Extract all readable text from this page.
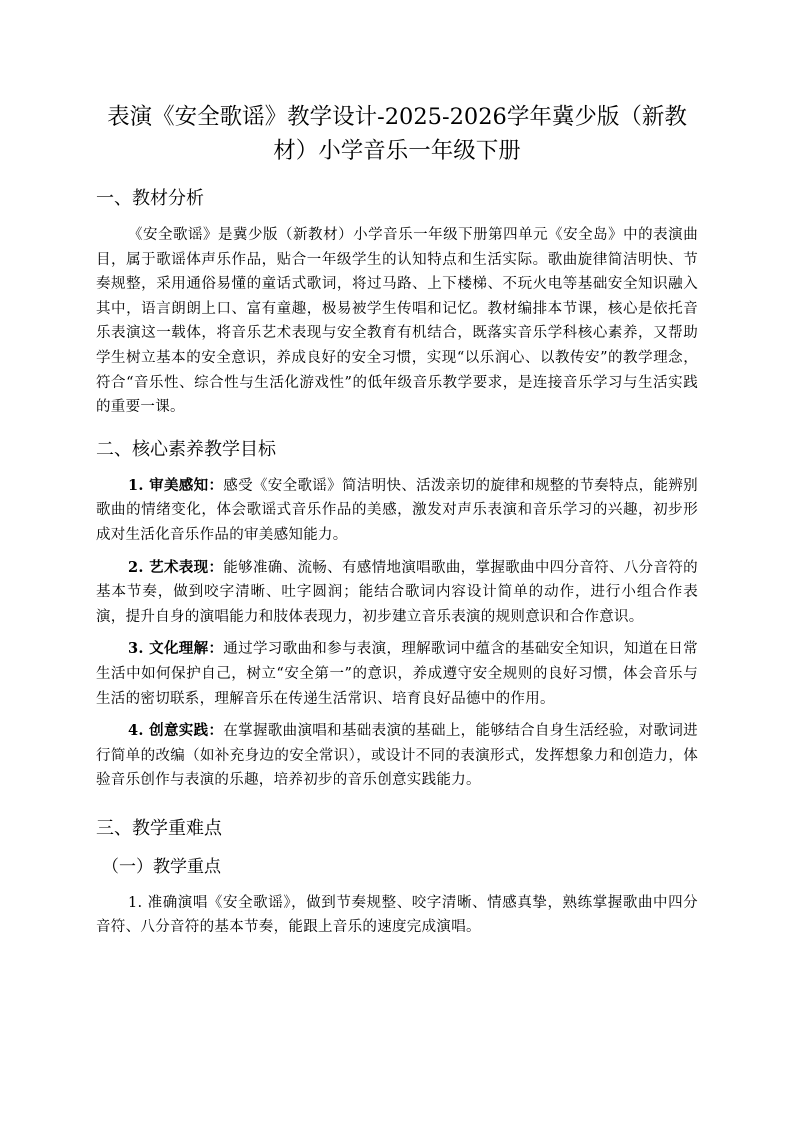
表演《安全歌谣》教学设计-2025-2026学年冀少版（新教
材）小学音乐一年级下册
一、教材分析

《安全歌谣》是冀少版（新教材）小学音乐一年级下册第四单元《安全岛》中的表演曲目，属于歌谣体声乐作品，贴合一年级学生的认知特点和生活实际。歌曲旋律简洁明快、节奏规整，采用通俗易懂的童话式歌词，将过马路、上下楼梯、不玩火电等基础安全知识融入其中，语言朗朗上口、富有童趣，极易被学生传唱和记忆。教材编排本节课，核心是依托音乐表演这一载体，将音乐艺术表现与安全教育有机结合，既落实音乐学科核心素养，又帮助学生树立基本的安全意识，养成良好的安全习惯，实现“以乐润心、以教传安”的教学理念，符合“音乐性、综合性与生活化游戏性”的低年级音乐教学要求，是连接音乐学习与生活实践的重要一课。

二、核心素养教学目标

1. 审美感知：感受《安全歌谣》简洁明快、活泼亲切的旋律和规整的节奏特点，能辨别歌曲的情绪变化，体会歌谣式音乐作品的美感，激发对声乐表演和音乐学习的兴趣，初步形成对生活化音乐作品的审美感知能力。

2. 艺术表现：能够准确、流畅、有感情地演唱歌曲，掌握歌曲中四分音符、八分音符的基本节奏，做到咬字清晰、吐字圆润；能结合歌词内容设计简单的动作，进行小组合作表演，提升自身的演唱能力和肢体表现力，初步建立音乐表演的规则意识和合作意识。

3. 文化理解：通过学习歌曲和参与表演，理解歌词中蕴含的基础安全知识，知道在日常生活中如何保护自己，树立“安全第一”的意识，养成遵守安全规则的良好习惯，体会音乐与生活的密切联系，理解音乐在传递生活常识、培育良好品德中的作用。

4. 创意实践：在掌握歌曲演唱和基础表演的基础上，能够结合自身生活经验，对歌词进行简单的改编（如补充身边的安全常识），或设计不同的表演形式，发挥想象力和创造力，体验音乐创作与表演的乐趣，培养初步的音乐创意实践能力。

三、教学重难点
（一）教学重点

1. 准确演唱《安全歌谣》，做到节奏规整、咬字清晰、情感真挚，熟练掌握歌曲中四分音符、八分音符的基本节奏，能跟上音乐的速度完成演唱。
